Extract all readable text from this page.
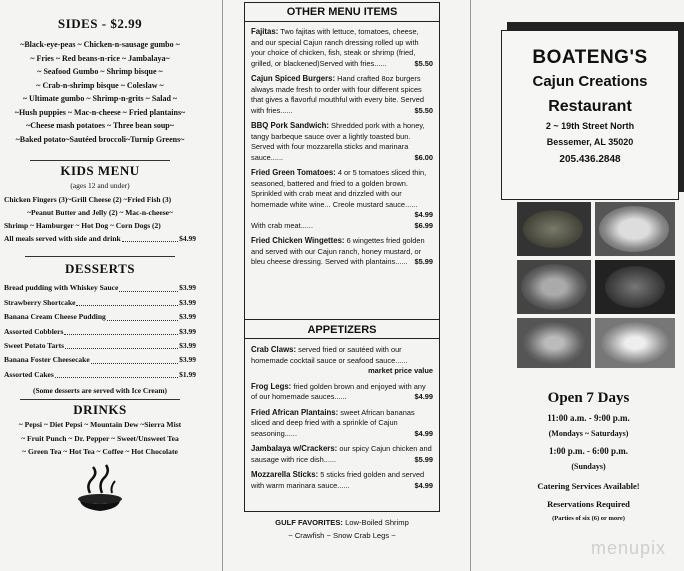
SIDES - $2.99
~Black-eye-peas ~ Chicken-n-sausage gumbo ~
~ Fries ~ Red beans-n-rice ~ Jambalaya~
~ Seafood Gumbo ~ Shrimp bisque ~
~ Crab-n-shrimp bisque ~ Coleslaw ~
~ Ultimate gumbo ~ Shrimp-n-grits ~ Salad ~
~Hush puppies ~ Mac-n-cheese ~ Fried plantains~
~Cheese mash potatoes ~ Three bean soup~
~Baked potato~Sautéed broccoli~Turnip Greens~
KIDS MENU
(ages 12 and under)
Chicken Fingers (3)~Grill Cheese (2) ~Fried Fish (3)
~Peanut Butter and Jelly (2) ~ Mac-n-cheese~
Shrimp ~ Hamburger ~ Hot Dog ~ Corn Dogs (2)
All meals served with side and drink	$4.99
DESSERTS
Bread pudding with Whiskey Sauce	$3.99
Strawberry Shortcake	$3.99
Banana Cream Cheese Pudding	$3.99
Assorted Cobblers	$3.99
Sweet Potato Tarts	$3.99
Banana Foster Cheesecake	$3.99
Assorted Cakes	$1.99
(Some desserts are served with Ice Cream)
DRINKS
~ Pepsi ~ Diet Pepsi ~ Mountain Dew ~Sierra Mist
~ Fruit Punch ~ Dr. Pepper ~ Sweet/Unsweet Tea
~ Green Tea ~ Hot Tea ~ Coffee ~ Hot Chocolate
OTHER MENU ITEMS
Fajitas: Two fajitas with lettuce, tomatoes, cheese, and our special Cajun ranch dressing rolled up with your choice of chicken, fish, steak or shrimp (fried, grilled, or blackened)Served with fries......	$5.50
Cajun Spiced Burgers: Hand crafted 8oz burgers always made fresh to order with four different spices that gives a flavorful mouthful with every bite. Served with fries......	$5.50
BBQ Pork Sandwich: Shredded pork with a honey, tangy barbeque sauce over a lightly toasted bun. Served with four mozzarella sticks and marinara sauce......	$6.00
Fried Green Tomatoes: 4 or 5 tomatoes sliced thin, seasoned, battered and fried to a golden brown. Sprinkled with crab meat and drizzled with our homemade white wine... Creole mustard sauce......
$4.99
With crab meat......	$6.99
Fried Chicken Wingettes: 6 wingettes fried golden and served with our Cajun ranch, honey mustard, or bleu cheese dressing. Served with plantains...... $5.99
APPETIZERS
Crab Claws: served fried or sautéed with our homemade cocktail sauce or seafood sauce......
market price value
Frog Legs: fried golden brown and enjoyed with any of our homemade sauces......	$4.99
Fried African Plantains: sweet African bananas sliced and deep fried with a sprinkle of Cajun seasoning......	$4.99
Jambalaya w/Crackers: our spicy Cajun chicken and sausage with rice dish......	$5.99
Mozzarella Sticks: 5 sticks fried golden and served with warm marinara sauce......	$4.99
GULF FAVORITES: Low-Boiled Shrimp
~ Crawfish ~ Snow Crab Legs ~
BOATENG'S
Cajun Creations
Restaurant
2 ~ 19th Street North
Bessemer, AL 35020
205.436.2848
Open 7 Days
11:00 a.m. - 9:00 p.m.
(Mondays ~ Saturdays)
1:00 p.m. - 6:00 p.m.
(Sundays)
Catering Services Available!
Reservations Required
(Parties of six (6) or more)
menupix
